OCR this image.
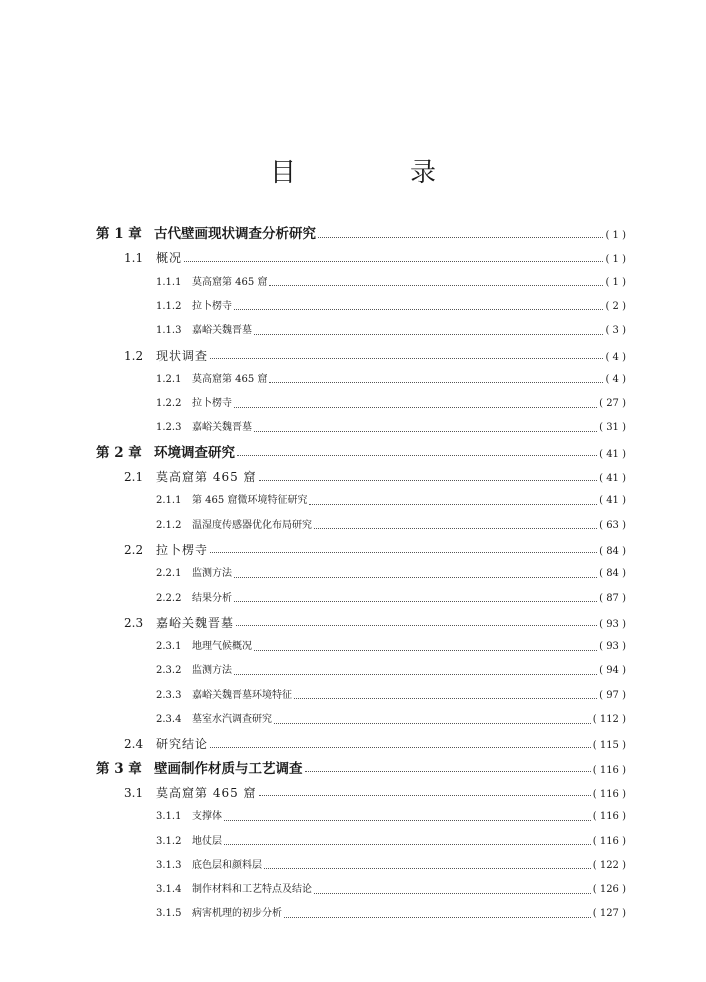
目　录
第 1 章 古代壁画现状调查分析研究	( 1 )
1.1	概况	( 1 )
1.1.1	莫高窟第 465 窟	( 1 )
1.1.2	拉卜楞寺	( 2 )
1.1.3	嘉峪关魏晋墓	( 3 )
1.2	现状调查	( 4 )
1.2.1	莫高窟第 465 窟	( 4 )
1.2.2	拉卜楞寺	( 27 )
1.2.3	嘉峪关魏晋墓	( 31 )
第 2 章 环境调查研究	( 41 )
2.1	莫高窟第 465 窟	( 41 )
2.1.1	第 465 窟微环境特征研究	( 41 )
2.1.2	温湿度传感器优化布局研究	( 63 )
2.2	拉卜楞寺	( 84 )
2.2.1	监测方法	( 84 )
2.2.2	结果分析	( 87 )
2.3	嘉峪关魏晋墓	( 93 )
2.3.1	地理气候概况	( 93 )
2.3.2	监测方法	( 94 )
2.3.3	嘉峪关魏晋墓环境特征	( 97 )
2.3.4	墓室水汽调查研究	( 112 )
2.4	研究结论	( 115 )
第 3 章 壁画制作材质与工艺调查	( 116 )
3.1	莫高窟第 465 窟	( 116 )
3.1.1	支撑体	( 116 )
3.1.2	地仗层	( 116 )
3.1.3	底色层和颜料层	( 122 )
3.1.4	制作材料和工艺特点及结论	( 126 )
3.1.5	病害机理的初步分析	( 127 )
